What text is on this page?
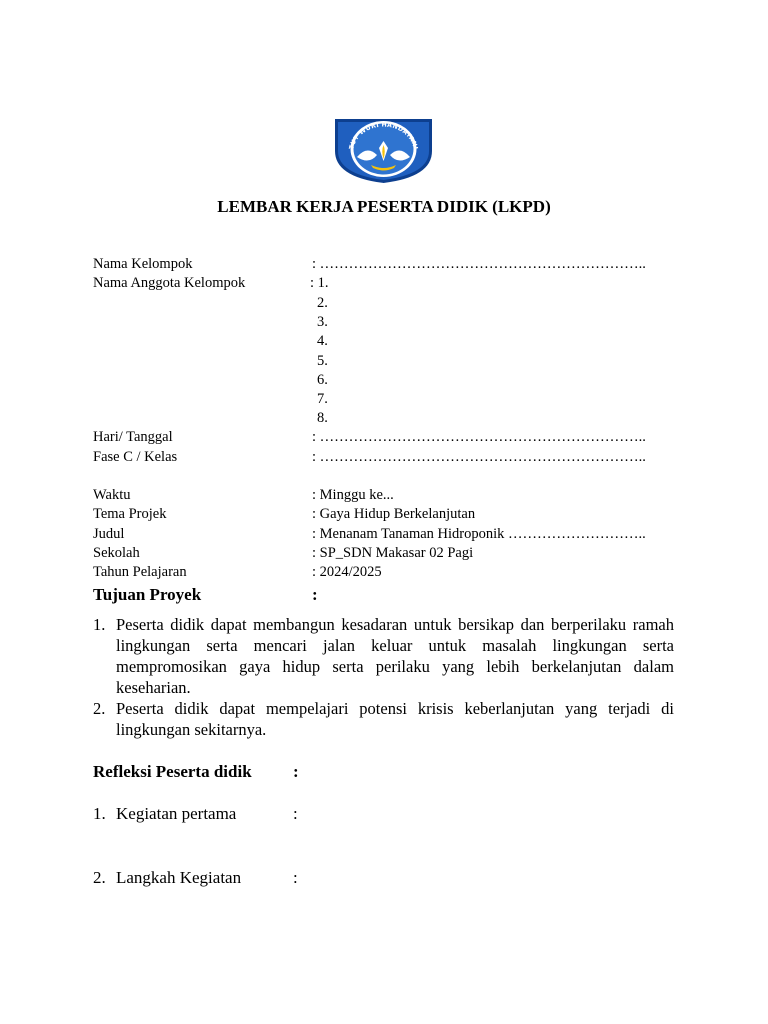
TUT WURI HANDAYANI
LEMBAR KERJA PESERTA DIDIK (LKPD)
Nama Kelompok	: …………………………………………………………..
Nama Anggota Kelompok	: 1.
2.
3.
4.
5.
6.
7.
8.
Hari/ Tanggal	: …………………………………………………………..
Fase C / Kelas	: …………………………………………………………..
Waktu	: Minggu ke...
Tema Projek	: Gaya Hidup Berkelanjutan
Judul	: Menanam Tanaman Hidroponik ………………………..
Sekolah	: SP_SDN Makasar 02 Pagi
Tahun Pelajaran	: 2024/2025
Tujuan Proyek	:
1. Peserta didik dapat membangun kesadaran untuk bersikap dan berperilaku ramah lingkungan serta mencari jalan keluar untuk masalah lingkungan serta mempromosikan gaya hidup serta perilaku yang lebih berkelanjutan dalam keseharian.
2. Peserta didik dapat mempelajari potensi krisis keberlanjutan yang terjadi di lingkungan sekitarnya.
Refleksi Peserta didik :
1. Kegiatan pertama	:
2. Langkah Kegiatan	:
